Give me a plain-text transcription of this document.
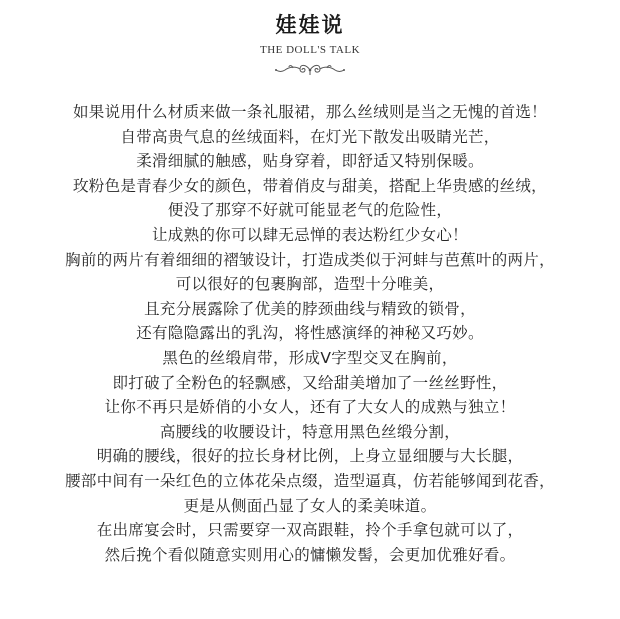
娃娃说
THE DOLL'S TALK
如果说用什么材质来做一条礼服裙，那么丝绒则是当之无愧的首选！
自带高贵气息的丝绒面料，在灯光下散发出吸睛光芒，
柔滑细腻的触感，贴身穿着，即舒适又特别保暖。
玫粉色是青春少女的颜色，带着俏皮与甜美，搭配上华贵感的丝绒，
便没了那穿不好就可能显老气的危险性，
让成熟的你可以肆无忌惮的表达粉红少女心！
胸前的两片有着细细的褶皱设计，打造成类似于河蚌与芭蕉叶的两片，
可以很好的包裹胸部，造型十分唯美，
且充分展露除了优美的脖颈曲线与精致的锁骨，
还有隐隐露出的乳沟，将性感演绎的神秘又巧妙。
黑色的丝缎肩带，形成V字型交叉在胸前，
即打破了全粉色的轻飘感，又给甜美增加了一丝丝野性，
让你不再只是娇俏的小女人，还有了大女人的成熟与独立！
高腰线的收腰设计，特意用黑色丝缎分割，
明确的腰线，很好的拉长身材比例，上身立显细腰与大长腿，
腰部中间有一朵红色的立体花朵点缀，造型逼真，仿若能够闻到花香，
更是从侧面凸显了女人的柔美味道。
在出席宴会时，只需要穿一双高跟鞋，拎个手拿包就可以了，
然后挽个看似随意实则用心的慵懒发髻，会更加优雅好看。
